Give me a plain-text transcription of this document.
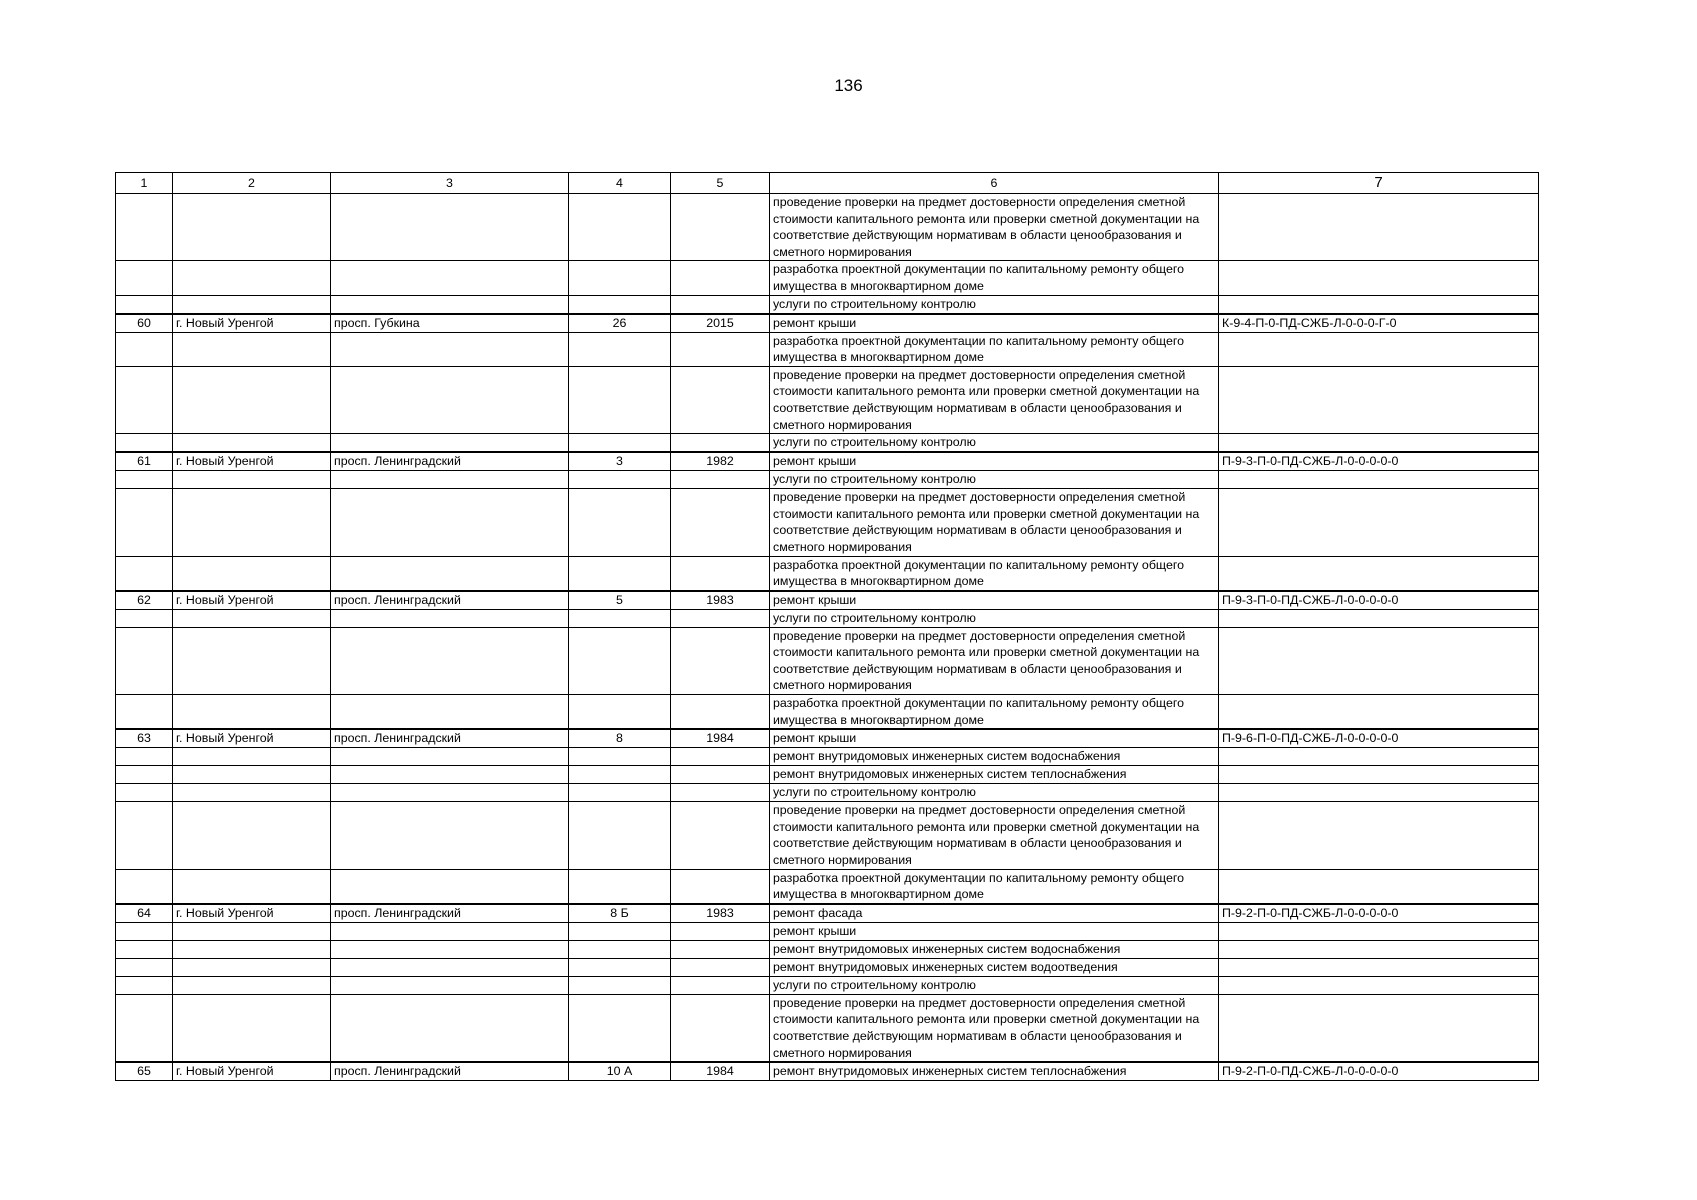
136
1	2	3	4	5	6	7
					проведение проверки на предмет достоверности определения сметной стоимости капитального ремонта или проверки сметной документации на соответствие действующим нормативам в области ценообразования и сметного нормирования	
					разработка проектной документации по капитальному ремонту общего имущества в многоквартирном доме	
					услуги по строительному контролю	
60	г. Новый Уренгой	просп. Губкина	26	2015	ремонт крыши	К-9-4-П-0-ПД-СЖБ-Л-0-0-0-Г-0
					разработка проектной документации по капитальному ремонту общего имущества в многоквартирном доме	
					проведение проверки на предмет достоверности определения сметной стоимости капитального ремонта или проверки сметной документации на соответствие действующим нормативам в области ценообразования и сметного нормирования	
					услуги по строительному контролю	
61	г. Новый Уренгой	просп. Ленинградский	3	1982	ремонт крыши	П-9-3-П-0-ПД-СЖБ-Л-0-0-0-0-0
					услуги по строительному контролю	
					проведение проверки на предмет достоверности определения сметной стоимости капитального ремонта или проверки сметной документации на соответствие действующим нормативам в области ценообразования и сметного нормирования	
					разработка проектной документации по капитальному ремонту общего имущества в многоквартирном доме	
62	г. Новый Уренгой	просп. Ленинградский	5	1983	ремонт крыши	П-9-3-П-0-ПД-СЖБ-Л-0-0-0-0-0
					услуги по строительному контролю	
					проведение проверки на предмет достоверности определения сметной стоимости капитального ремонта или проверки сметной документации на соответствие действующим нормативам в области ценообразования и сметного нормирования	
					разработка проектной документации по капитальному ремонту общего имущества в многоквартирном доме	
63	г. Новый Уренгой	просп. Ленинградский	8	1984	ремонт крыши	П-9-6-П-0-ПД-СЖБ-Л-0-0-0-0-0
					ремонт внутридомовых инженерных систем водоснабжения	
					ремонт внутридомовых инженерных систем теплоснабжения	
					услуги по строительному контролю	
					проведение проверки на предмет достоверности определения сметной стоимости капитального ремонта или проверки сметной документации на соответствие действующим нормативам в области ценообразования и сметного нормирования	
					разработка проектной документации по капитальному ремонту общего имущества в многоквартирном доме	
64	г. Новый Уренгой	просп. Ленинградский	8 Б	1983	ремонт фасада	П-9-2-П-0-ПД-СЖБ-Л-0-0-0-0-0
					ремонт крыши	
					ремонт внутридомовых инженерных систем водоснабжения	
					ремонт внутридомовых инженерных систем водоотведения	
					услуги по строительному контролю	
					проведение проверки на предмет достоверности определения сметной стоимости капитального ремонта или проверки сметной документации на соответствие действующим нормативам в области ценообразования и сметного нормирования	
65	г. Новый Уренгой	просп. Ленинградский	10 А	1984	ремонт внутридомовых инженерных систем теплоснабжения	П-9-2-П-0-ПД-СЖБ-Л-0-0-0-0-0
